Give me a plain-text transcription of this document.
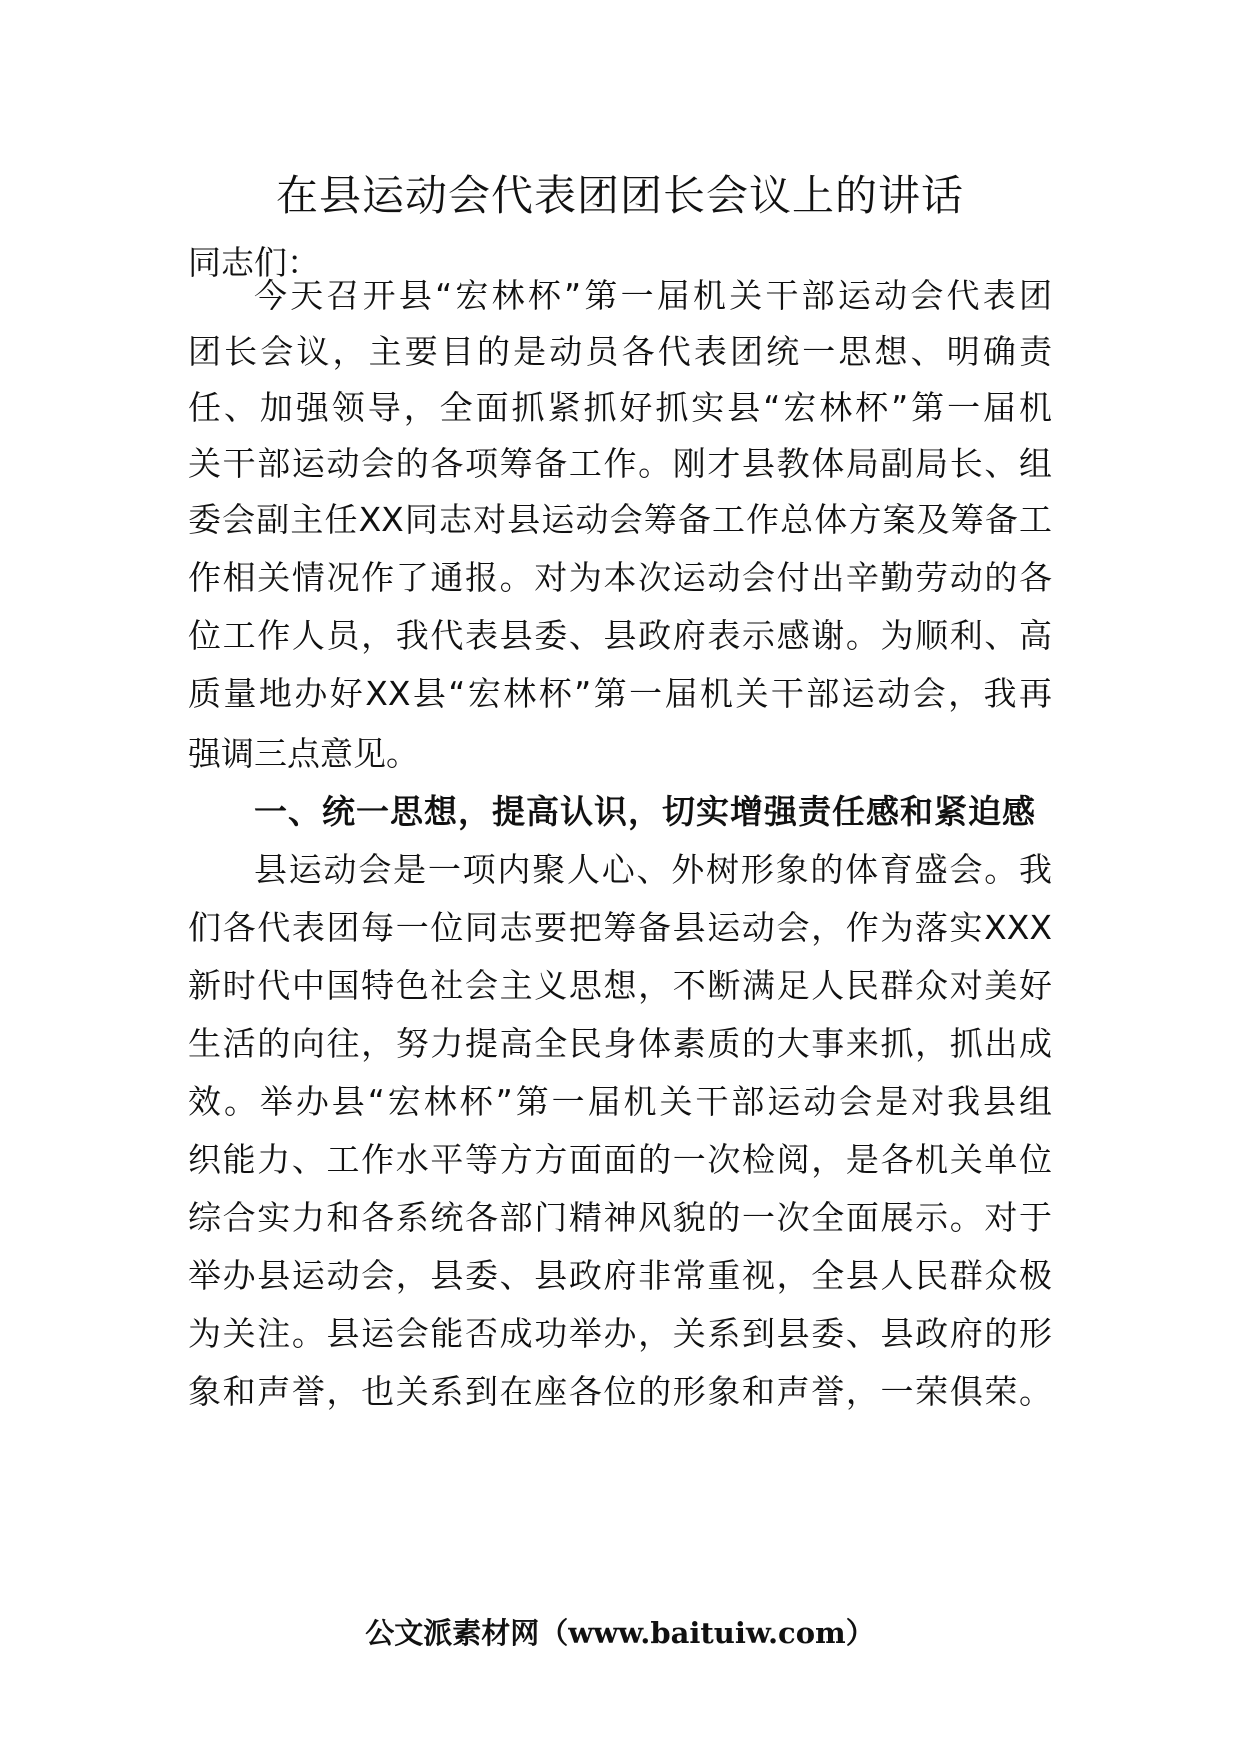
在县运动会代表团团长会议上的讲话
同志们：
今天召开县“宏林杯”第一届机关干部运动会代表团
团长会议，主要目的是动员各代表团统一思想、明确责
任、加强领导，全面抓紧抓好抓实县“宏林杯”第一届机
关干部运动会的各项筹备工作。刚才县教体局副局长、组
委会副主任XX同志对县运动会筹备工作总体方案及筹备工
作相关情况作了通报。对为本次运动会付出辛勤劳动的各
位工作人员，我代表县委、县政府表示感谢。为顺利、高
质量地办好XX县“宏林杯”第一届机关干部运动会，我再
强调三点意见。
一、统一思想，提高认识，切实增强责任感和紧迫感
县运动会是一项内聚人心、外树形象的体育盛会。我
们各代表团每一位同志要把筹备县运动会，作为落实XXX
新时代中国特色社会主义思想，不断满足人民群众对美好
生活的向往，努力提高全民身体素质的大事来抓，抓出成
效。举办县“宏林杯”第一届机关干部运动会是对我县组
织能力、工作水平等方方面面的一次检阅，是各机关单位
综合实力和各系统各部门精神风貌的一次全面展示。对于
举办县运动会，县委、县政府非常重视，全县人民群众极
为关注。县运会能否成功举办，关系到县委、县政府的形
象和声誉，也关系到在座各位的形象和声誉，一荣俱荣。
公文派素材网（www.baituiw.com）
